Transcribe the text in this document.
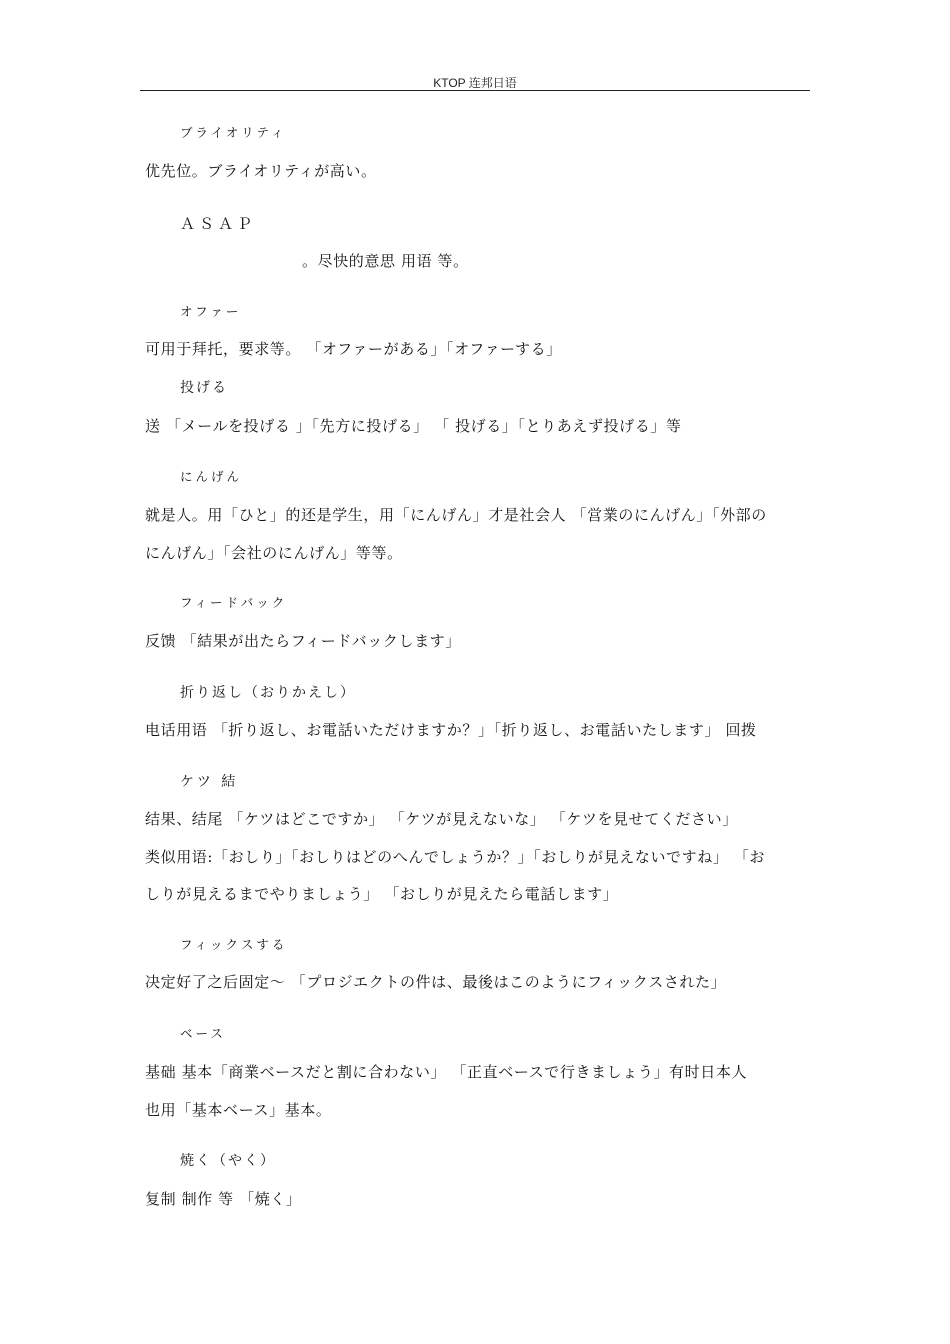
KTOP 连邦日语
ブライオリティ
优先位。ブライオリティが高い。
ＡＳＡＰ
。尽快的意思 用语 等。
オファー
可用于拜托，要求等。 「オファーがある」「オファーする」
投げる
送 「メールを投げる 」「先方に投げる」 「 投げる」「とりあえず投げる」等
にんげん
就是人。用「ひと」的还是学生，用「にんげん」才是社会人 「営業のにんげん」「外部の
にんげん」「会社のにんげん」等等。
フィードバック
反馈 「結果が出たらフィードバックします」
折り返し（おりかえし）
电话用语 「折り返し、お電話いただけますか？」「折り返し、お電話いたします」 回拨
ケツ 結
结果、结尾 「ケツはどこですか」 「ケツが見えないな」 「ケツを見せてください」
类似用语:「おしり」「おしりはどのへんでしょうか？」「おしりが見えないですね」 「お
しりが見えるまでやりましょう」 「おしりが見えたら電話します」
フィックスする
决定好了之后固定～ 「プロジエクトの件は、最後はこのようにフィックスされた」
ベース
基础 基本「商業ベースだと割に合わない」 「正直ベースで行きましょう」有时日本人
也用「基本ベース」基本。
焼く（やく）
复制 制作 等 「焼く」
